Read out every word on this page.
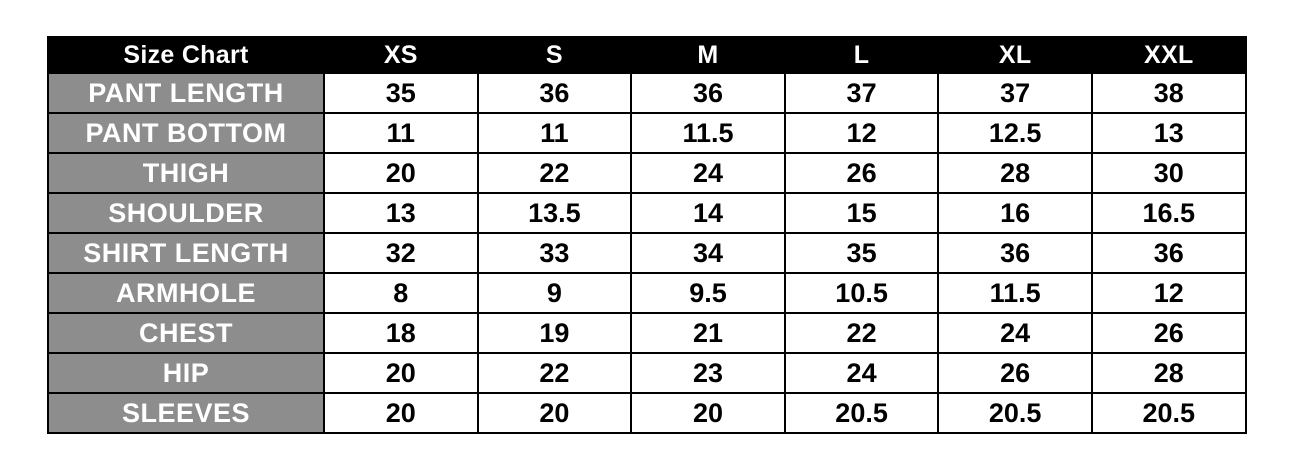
Size Chart	XS	S	M	L	XL	XXL
PANT LENGTH	35	36	36	37	37	38
PANT BOTTOM	11	11	11.5	12	12.5	13
THIGH	20	22	24	26	28	30
SHOULDER	13	13.5	14	15	16	16.5
SHIRT LENGTH	32	33	34	35	36	36
ARMHOLE	8	9	9.5	10.5	11.5	12
CHEST	18	19	21	22	24	26
HIP	20	22	23	24	26	28
SLEEVES	20	20	20	20.5	20.5	20.5
